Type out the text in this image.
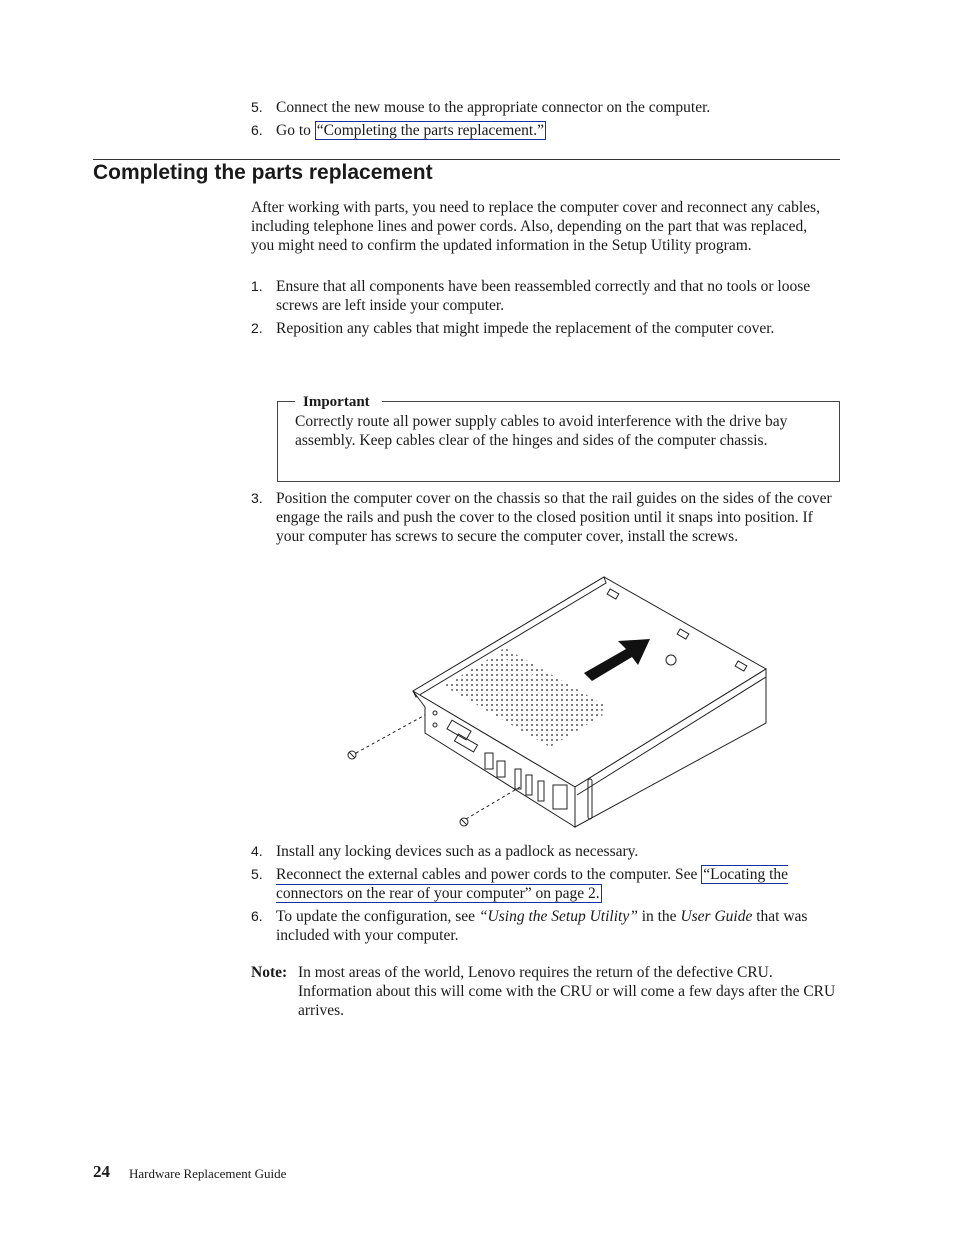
5. Connect the new mouse to the appropriate connector on the computer.
6. Go to “Completing the parts replacement.”
Completing the parts replacement
After working with parts, you need to replace the computer cover and reconnect any cables, including telephone lines and power cords. Also, depending on the part that was replaced, you might need to confirm the updated information in the Setup Utility program.
1. Ensure that all components have been reassembled correctly and that no tools or loose screws are left inside your computer.
2. Reposition any cables that might impede the replacement of the computer cover.
Important
Correctly route all power supply cables to avoid interference with the drive bay assembly. Keep cables clear of the hinges and sides of the computer chassis.
3. Position the computer cover on the chassis so that the rail guides on the sides of the cover engage the rails and push the cover to the closed position until it snaps into position. If your computer has screws to secure the computer cover, install the screws.
4. Install any locking devices such as a padlock as necessary.
5. Reconnect the external cables and power cords to the computer. See “Locating the connectors on the rear of your computer” on page 2.
6. To update the configuration, see “Using the Setup Utility” in the User Guide that was included with your computer.
Note: In most areas of the world, Lenovo requires the return of the defective CRU. Information about this will come with the CRU or will come a few days after the CRU arrives.
24 Hardware Replacement Guide
